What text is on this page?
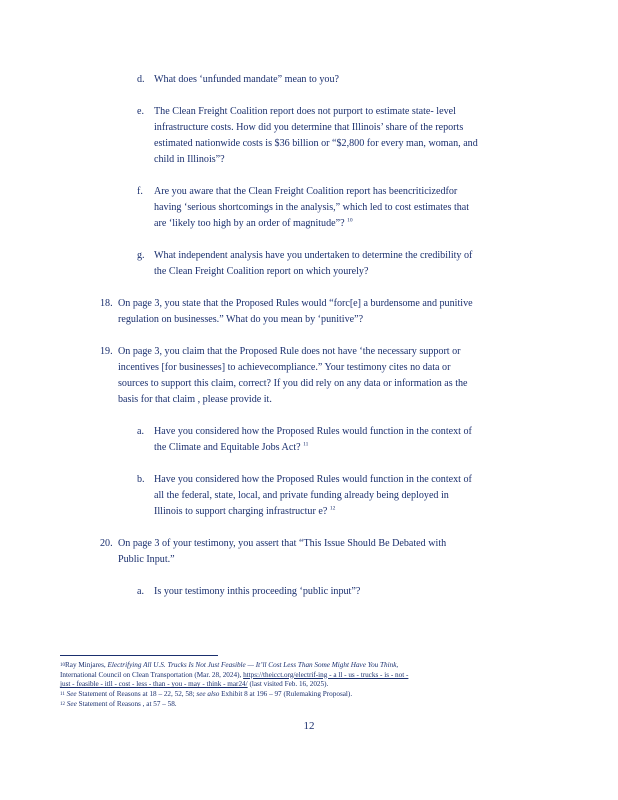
d. What does ‘unfunded mandate” mean to you?
e. The Clean Freight Coalition report does not purport to estimate state- level
infrastructure costs. How did you determine that Illinois’ share of the reports
estimated nationwide costs is $36 billion or “$2,800 for every man, woman, and
child in Illinois”?
f. Are you aware that the Clean Freight Coalition report has beencriticizedfor
having ‘serious shortcomings in the analysis,” which led to cost estimates that
are ‘likely too high by an order of magnitude”? $^{10}$
g. What independent analysis have you undertaken to determine the credibility of
the Clean Freight Coalition report on which yourely?
18. On page 3, you state that the Proposed Rules would “forc[e] a burdensome and punitive
regulation on businesses.” What do you mean by ‘punitive”?
19. On page 3, you claim that the Proposed Rule does not have ‘the necessary support or
incentives [for businesses] to achievecompliance.” Your testimony cites no data or
sources to support this claim, correct? If you did rely on any data or information as the
basis for that claim , please provide it.
a. Have you considered how the Proposed Rules would function in the context of
the Climate and Equitable Jobs Act? $^{11}$
b. Have you considered how the Proposed Rules would function in the context of
all the federal, state, local, and private funding already being deployed in
Illinois to support charging infrastructur e? $^{12}$
20. On page 3 of your testimony, you assert that “This Issue Should Be Debated with
Public Input.”
a. Is your testimony inthis proceeding ‘public input”?
$^{10}$Ray Minjares, Electrifying All U.S. Trucks Is Not Just Feasible — It’ll Cost Less Than Some Might Have You Think,
International Council on Clean Transportation (Mar. 28, 2024), https://theicct.org/electrif-ing - a ll - us - trucks - is - not -
just - feasible - itll - cost - less - than - you - may - think - mar24/ (last visited Feb. 16, 2025).
$^{11}$ See Statement of Reasons at 18 – 22, 52, 58; see also Exhibit 8 at 196 – 97 (Rulemaking Proposal).
$^{12}$ See Statement of Reasons , at 57 – 58.
12
